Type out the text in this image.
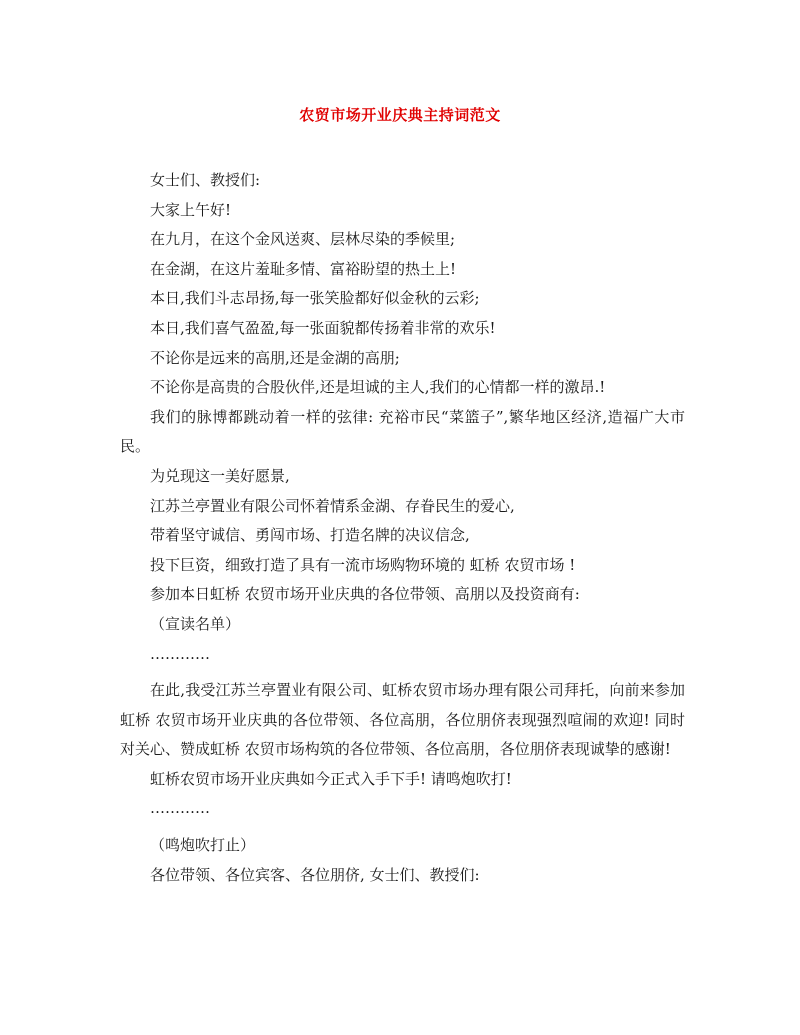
农贸市场开业庆典主持词范文

女士们、教授们:

大家上午好!

在九月，在这个金风送爽、层林尽染的季候里;

在金湖，在这片羞耻多情、富裕盼望的热土上!

本日,我们斗志昂扬,每一张笑脸都好似金秋的云彩;

本日,我们喜气盈盈,每一张面貌都传扬着非常的欢乐!

不论你是远来的高朋,还是金湖的高朋;

不论你是高贵的合股伙伴,还是坦诚的主人,我们的心情都一样的激昂.!

我们的脉博都跳动着一样的弦律: 充裕市民“菜篮子”,繁华地区经济,造福广大市民。

为兑现这一美好愿景,

江苏兰亭置业有限公司怀着情系金湖、存眷民生的爱心,

带着坚守诚信、勇闯市场、打造名牌的决议信念,

投下巨资，细致打造了具有一流市场购物环境的 虹桥 农贸市场 !

参加本日虹桥 农贸市场开业庆典的各位带领、高朋以及投资商有:

（宣读名单）

…………

在此,我受江苏兰亭置业有限公司、虹桥农贸市场办理有限公司拜托，向前来参加虹桥 农贸市场开业庆典的各位带领、各位高朋，各位朋侪表现强烈喧闹的欢迎! 同时对关心、赞成虹桥 农贸市场构筑的各位带领、各位高朋，各位朋侪表现诚挚的感谢!

虹桥农贸市场开业庆典如今正式入手下手! 请鸣炮吹打!

…………

（鸣炮吹打止）

各位带领、各位宾客、各位朋侪, 女士们、教授们:
